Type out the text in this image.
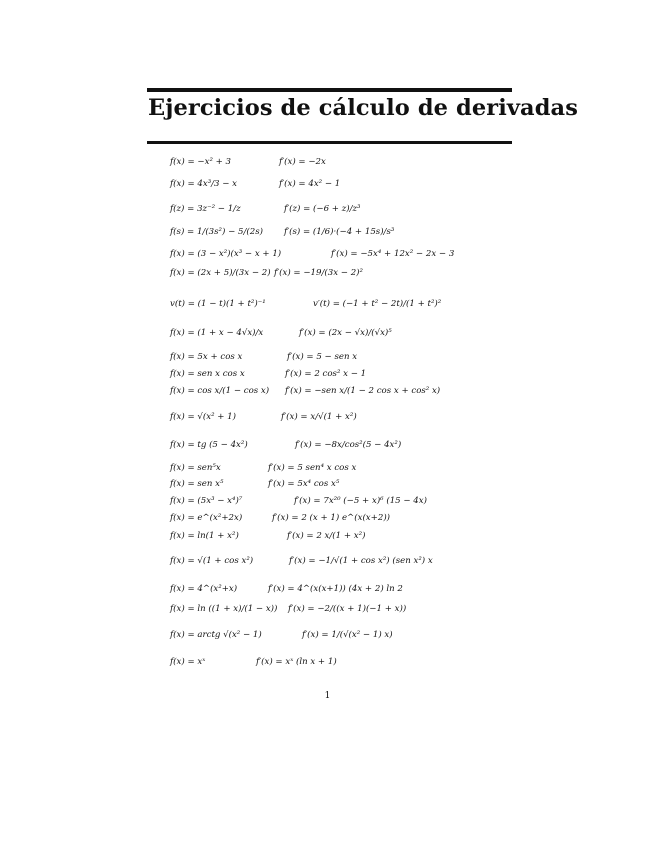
Ejercicios de cálculo de derivadas
f(x) = −x² + 3	f′(x) = −2x
f(x) = 4x³/3 − x	f′(x) = 4x² − 1
f(z) = 3z⁻² − 1/z	f′(z) = (−6 + z)/z³
f(s) = 1/(3s²) − 5/(2s) f′(s) = (1/6)·(−4 + 15s)/s³
f(x) = (3 − x²)(x³ − x + 1)	f′(x) = −5x⁴ + 12x² − 2x − 3
f(x) = (2x + 5)/(3x − 2) f′(x) = −19/(3x − 2)²
v(t) = (1 − t)(1 + t²)⁻¹	v′(t) = (−1 + t² − 2t)/(1 + t²)²
f(x) = (1 + x − 4√x)/x	f′(x) = (2x − √x)/(√x)⁵
f(x) = 5x + cos x	f′(x) = 5 − sen x
f(x) = sen x cos x	f′(x) = 2 cos² x − 1
f(x) = cos x/(1 − cos x) f′(x) = −sen x/(1 − 2 cos x + cos² x)
f(x) = √(x² + 1)	f′(x) = x/√(1 + x²)
f(x) = tg (5 − 4x²)	f′(x) = −8x/cos²(5 − 4x²)
f(x) = sen⁵x	f′(x) = 5 sen⁴ x cos x
f(x) = sen x⁵	f′(x) = 5x⁴ cos x⁵
f(x) = (5x³ − x⁴)⁷	f′(x) = 7x²⁰ (−5 + x)⁶ (15 − 4x)
f(x) = e^(x²+2x)	f′(x) = 2 (x + 1) e^(x(x+2))
f(x) = ln(1 + x²)	f′(x) = 2 x/(1 + x²)
f(x) = √(1 + cos x²)	f′(x) = −1/√(1 + cos x²) (sen x²) x
f(x) = 4^(x²+x)	f′(x) = 4^(x(x+1)) (4x + 2) ln 2
f(x) = ln ((1 + x)/(1 − x)) f′(x) = −2/((x + 1)(−1 + x))
f(x) = arctg √(x² − 1)	f′(x) = 1/(√(x² − 1) x)
f(x) = xˣ	f′(x) = xˣ (ln x + 1)
1
